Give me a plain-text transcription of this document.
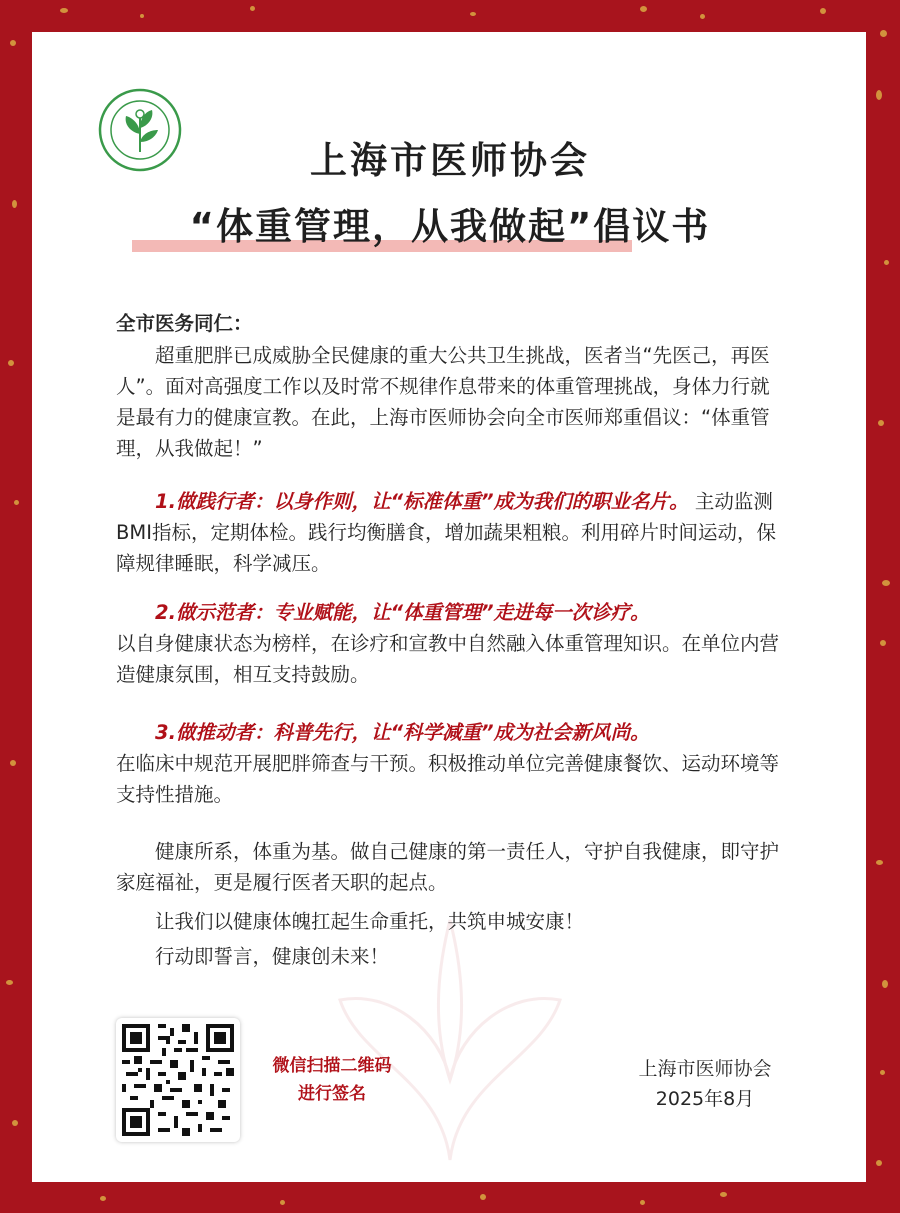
上海市医师协会
“体重管理，从我做起”倡议书
全市医务同仁：
超重肥胖已成威胁全民健康的重大公共卫生挑战，医者当“先医己，再医人”。面对高强度工作以及时常不规律作息带来的体重管理挑战，身体力行就是最有力的健康宣教。在此，上海市医师协会向全市医师郑重倡议：“体重管理，从我做起！”
1.做践行者：以身作则，让“标准体重”成为我们的职业名片。 主动监测BMI指标，定期体检。践行均衡膳食，增加蔬果粗粮。利用碎片时间运动，保障规律睡眠，科学减压。
2.做示范者：专业赋能，让“体重管理”走进每一次诊疗。
以自身健康状态为榜样，在诊疗和宣教中自然融入体重管理知识。在单位内营造健康氛围，相互支持鼓励。
3.做推动者：科普先行，让“科学减重”成为社会新风尚。
在临床中规范开展肥胖筛查与干预。积极推动单位完善健康餐饮、运动环境等支持性措施。
健康所系，体重为基。做自己健康的第一责任人，守护自我健康，即守护家庭福祉，更是履行医者天职的起点。
让我们以健康体魄扛起生命重托，共筑申城安康！
行动即誓言，健康创未来！
微信扫描二维码
进行签名
上海市医师协会
2025年8月
